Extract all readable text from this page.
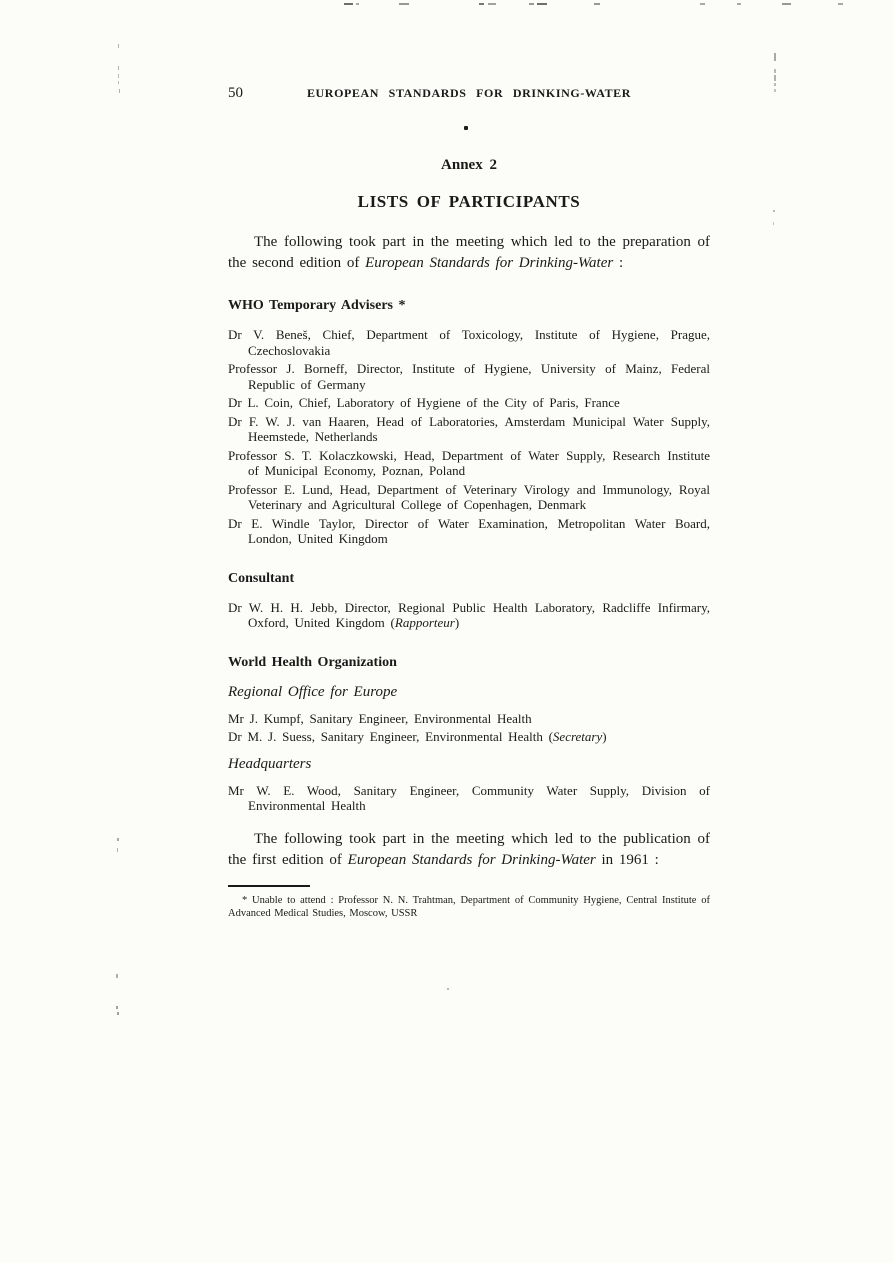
50	EUROPEAN STANDARDS FOR DRINKING-WATER
Annex 2
LISTS OF PARTICIPANTS

The following took part in the meeting which led to the preparation of the second edition of European Standards for Drinking-Water :

WHO Temporary Advisers *

Dr V. Beneš, Chief, Department of Toxicology, Institute of Hygiene, Prague, Czechoslovakia

Professor J. Borneff, Director, Institute of Hygiene, University of Mainz, Federal Republic of Germany

Dr L. Coin, Chief, Laboratory of Hygiene of the City of Paris, France

Dr F. W. J. van Haaren, Head of Laboratories, Amsterdam Municipal Water Supply, Heemstede, Netherlands

Professor S. T. Kolaczkowski, Head, Department of Water Supply, Research Institute of Municipal Economy, Poznan, Poland

Professor E. Lund, Head, Department of Veterinary Virology and Immunology, Royal Veterinary and Agricultural College of Copenhagen, Denmark

Dr E. Windle Taylor, Director of Water Examination, Metropolitan Water Board, London, United Kingdom

Consultant

Dr W. H. H. Jebb, Director, Regional Public Health Laboratory, Radcliffe Infirmary, Oxford, United Kingdom (Rapporteur)

World Health Organization
Regional Office for Europe

Mr J. Kumpf, Sanitary Engineer, Environmental Health

Dr M. J. Suess, Sanitary Engineer, Environmental Health (Secretary)

Headquarters

Mr W. E. Wood, Sanitary Engineer, Community Water Supply, Division of Environmental Health

The following took part in the meeting which led to the publication of the first edition of European Standards for Drinking-Water in 1961 :

* Unable to attend : Professor N. N. Trahtman, Department of Community Hygiene, Central Institute of Advanced Medical Studies, Moscow, USSR
